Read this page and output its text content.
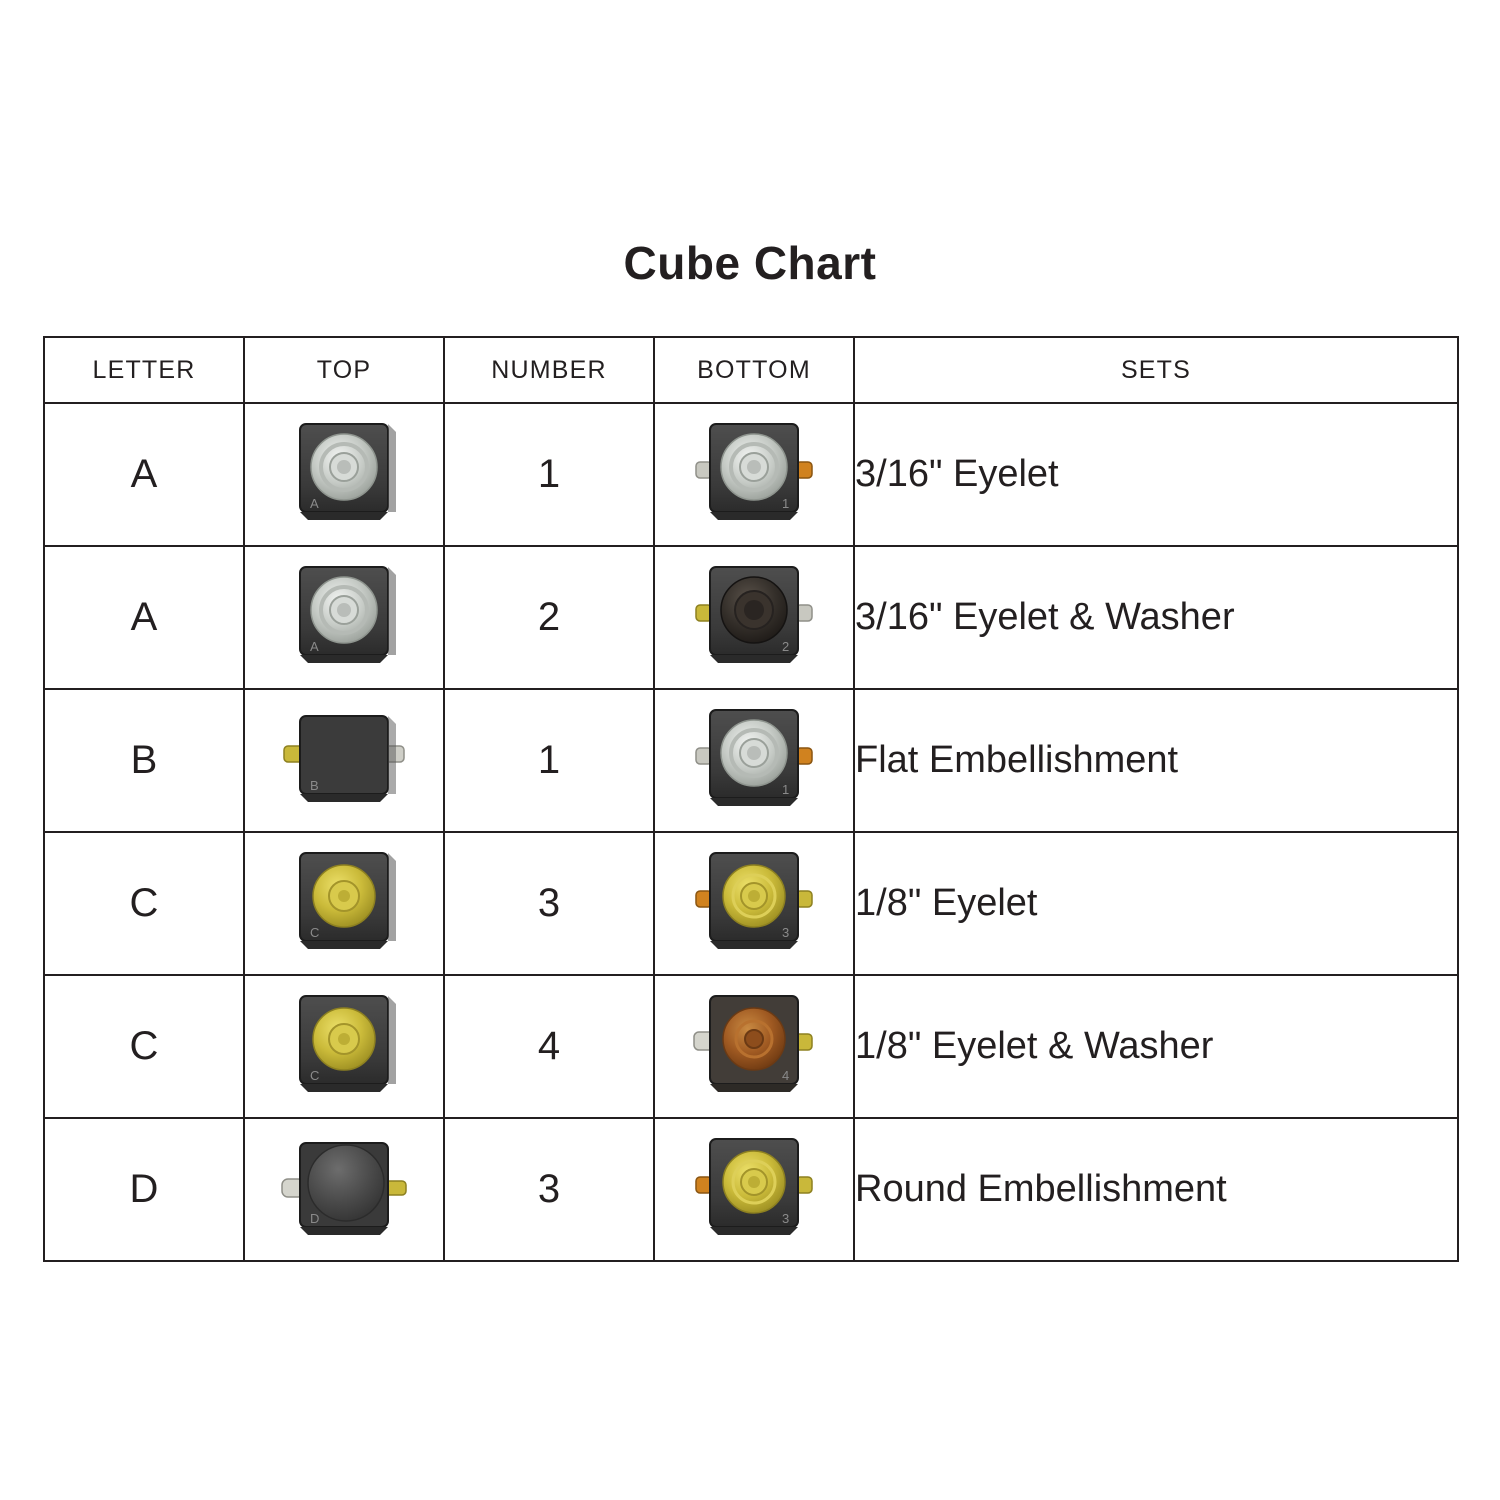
Cube Chart
LETTER	TOP	NUMBER	BOTTOM	SETS
A	A	1	1	3/16" Eyelet
A	A	2	2	3/16" Eyelet & Washer
B	B	1	1	Flat Embellishment
C	C	3	3	1/8" Eyelet
C	C	4	4	1/8" Eyelet & Washer
D	D	3	3	Round Embellishment
